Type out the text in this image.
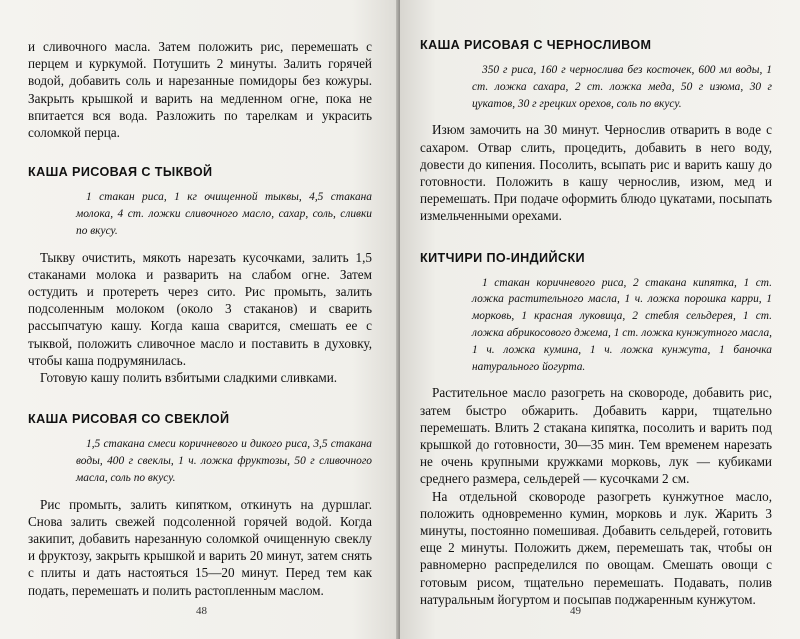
и сливочного масла. Затем положить рис, перемешать с перцем и куркумой. Потушить 2 минуты. Залить горячей водой, добавить соль и нарезанные помидоры без кожуры. Закрыть крышкой и варить на медленном огне, пока не впитается вся вода. Разложить по тарелкам и украсить соломкой перца.

КАША РИСОВАЯ С ТЫКВОЙ

1 стакан риса, 1 кг очищенной тыквы, 4,5 стакана молока, 4 ст. ложки сливочного масло, сахар, соль, сливки по вкусу.

Тыкву очистить, мякоть нарезать кусочками, залить 1,5 стаканами молока и разварить на слабом огне. Затем остудить и протереть через сито. Рис промыть, залить подсоленным молоком (около 3 стаканов) и сварить рассыпчатую кашу. Когда каша сварится, смешать ее с тыквой, положить сливочное масло и поставить в духовку, чтобы каша подрумянилась.

Готовую кашу полить взбитыми сладкими сливками.

КАША РИСОВАЯ СО СВЕКЛОЙ

1,5 стакана смеси коричневого и дикого риса, 3,5 стакана воды, 400 г свеклы, 1 ч. ложка фруктозы, 50 г сливочного масла, соль по вкусу.

Рис промыть, залить кипятком, откинуть на дуршлаг. Снова залить свежей подсоленной горячей водой. Когда закипит, добавить нарезанную соломкой очищенную свеклу и фруктозу, закрыть крышкой и варить 20 минут, затем снять с плиты и дать настояться 15—20 минут. Перед тем как подать, перемешать и полить растопленным маслом.

48
КАША РИСОВАЯ С ЧЕРНОСЛИВОМ

350 г риса, 160 г чернослива без косточек, 600 мл воды, 1 ст. ложка сахара, 2 ст. ложка меда, 50 г изюма, 30 г цукатов, 30 г грецких орехов, соль по вкусу.

Изюм замочить на 30 минут. Чернослив отварить в воде с сахаром. Отвар слить, процедить, добавить в него воду, довести до кипения. Посолить, всыпать рис и варить кашу до готовности. Положить в кашу чернослив, изюм, мед и перемешать. При подаче оформить блюдо цукатами, посыпать измельченными орехами.

КИТЧИРИ ПО-ИНДИЙСКИ

1 стакан коричневого риса, 2 стакана кипятка, 1 ст. ложка растительного масла, 1 ч. ложка порошка карри, 1 морковь, 1 красная луковица, 2 стебля сельдерея, 1 ст. ложка абрикосового джема, 1 ст. ложка кунжутного масла, 1 ч. ложка кумина, 1 ч. ложка кунжута, 1 баночка натурального йогурта.

Растительное масло разогреть на сковороде, добавить рис, затем быстро обжарить. Добавить карри, тщательно перемешать. Влить 2 стакана кипятка, посолить и варить под крышкой до готовности, 30—35 мин. Тем временем нарезать не очень крупными кружками морковь, лук — кубиками среднего размера, сельдерей — кусочками 2 см.

На отдельной сковороде разогреть кунжутное масло, положить одновременно кумин, морковь и лук. Жарить 3 минуты, постоянно помешивая. Добавить сельдерей, готовить еще 2 минуты. Положить джем, перемешать так, чтобы он равномерно распределился по овощам. Смешать овощи с готовым рисом, тщательно перемешать. Подавать, полив натуральным йогуртом и посыпав поджаренным кунжутом.

49
